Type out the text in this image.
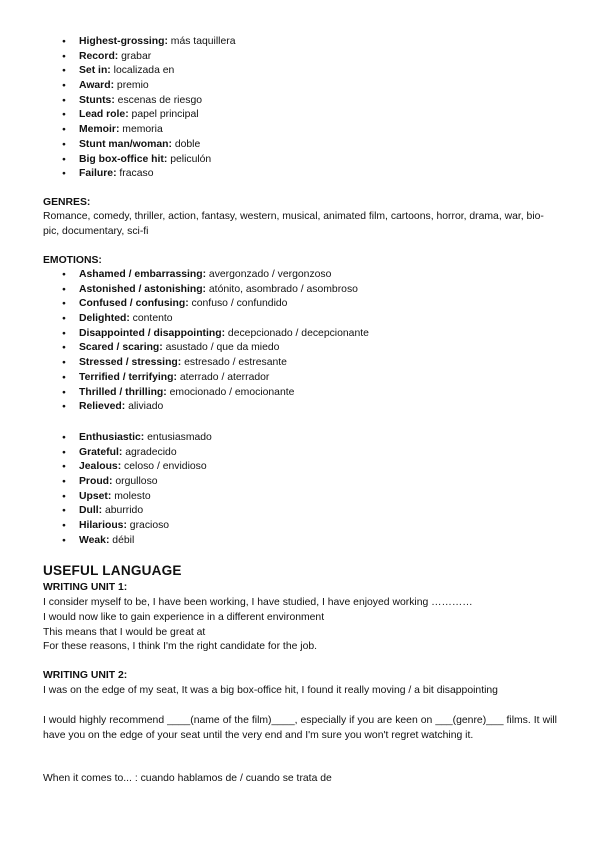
● Highest-grossing: más taquillera
● Record: grabar
● Set in: localizada en
● Award: premio
● Stunts: escenas de riesgo
● Lead role: papel principal
● Memoir: memoria
● Stunt man/woman: doble
● Big box-office hit: peliculón
● Failure: fracaso
GENRES:
Romance, comedy, thriller, action, fantasy, western, musical, animated film, cartoons, horror, drama, war, bio-pic, documentary, sci-fi
EMOTIONS:
● Ashamed / embarrassing: avergonzado / vergonzoso
● Astonished / astonishing: atónito, asombrado / asombroso
● Confused / confusing: confuso / confundido
● Delighted: contento
● Disappointed / disappointing: decepcionado / decepcionante
● Scared / scaring: asustado / que da miedo
● Stressed / stressing: estresado / estresante
● Terrified / terrifying: aterrado / aterrador
● Thrilled / thrilling: emocionado / emocionante
● Relieved: aliviado
● Enthusiastic: entusiasmado
● Grateful: agradecido
● Jealous: celoso / envidioso
● Proud: orgulloso
● Upset: molesto
● Dull: aburrido
● Hilarious: gracioso
● Weak: débil
USEFUL LANGUAGE
WRITING UNIT 1:
I consider myself to be, I have been working, I have studied, I have enjoyed working …………
I would now like to gain experience in a different environment
This means that I would be great at
For these reasons, I think I'm the right candidate for the job.
WRITING UNIT 2:
I was on the edge of my seat, It was a big box-office hit, I found it really moving / a bit disappointing
I would highly recommend ____(name of the film)____, especially if you are keen on ___(genre)___ films. It will have you on the edge of your seat until the very end and I'm sure you won't regret watching it.
When it comes to... : cuando hablamos de / cuando se trata de
